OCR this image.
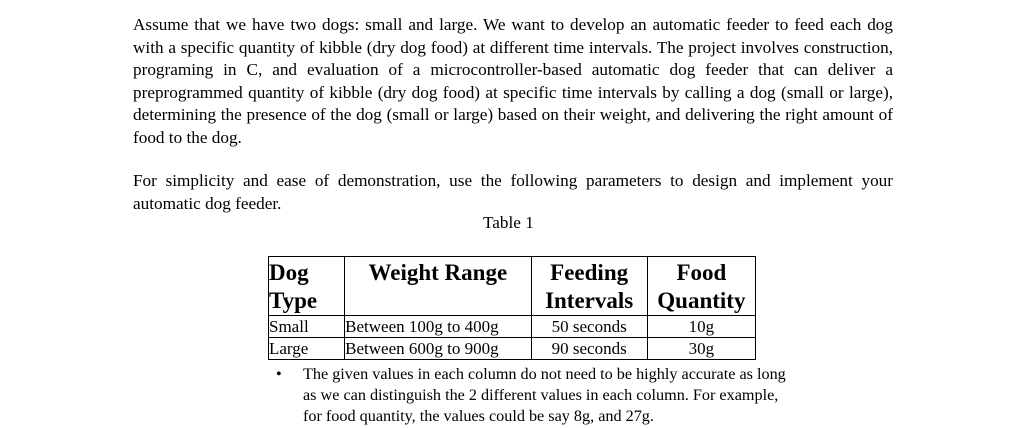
Assume that we have two dogs: small and large. We want to develop an automatic feeder to feed each dog with a specific quantity of kibble (dry dog food) at different time intervals. The project involves construction, programing in C, and evaluation of a microcontroller-based automatic dog feeder that can deliver a preprogrammed quantity of kibble (dry dog food) at specific time intervals by calling a dog (small or large), determining the presence of the dog (small or large) based on their weight, and delivering the right amount of food to the dog.

For simplicity and ease of demonstration, use the following parameters to design and implement your automatic dog feeder.

Table 1

Dog Type	Weight Range	Feeding Intervals	Food Quantity
Small	Between 100g to 400g	50 seconds	10g
Large	Between 600g to 900g	90 seconds	30g
• The given values in each column do not need to be highly accurate as long as we can distinguish the 2 different values in each column. For example, for food quantity, the values could be say 8g, and 27g.
